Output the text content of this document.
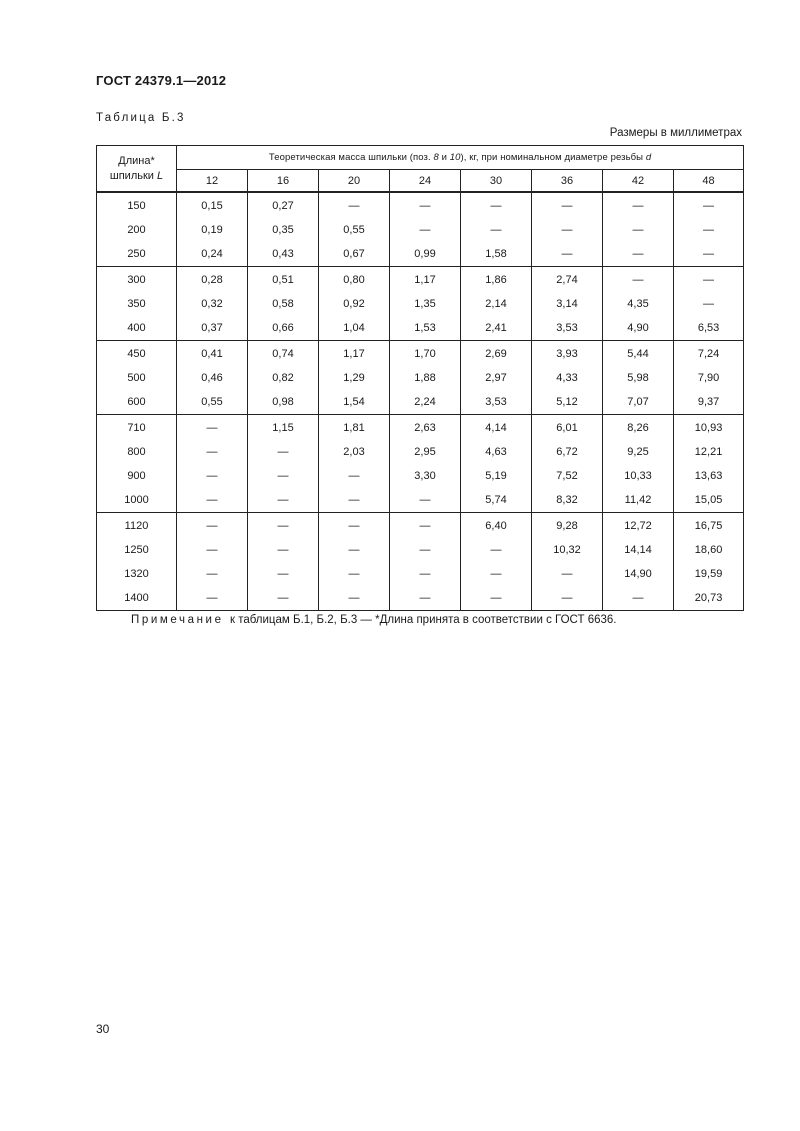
ГОСТ 24379.1—2012
Таблица Б.3
Размеры в миллиметрах
Длина*
шпильки L	Теоретическая масса шпильки (поз. 8 и 10), кг, при номинальном диаметре резьбы d							
	12	16	20	24	30	36	42	48
150	0,15	0,27	—	—	—	—	—	—
200	0,19	0,35	0,55	—	—	—	—	—
250	0,24	0,43	0,67	0,99	1,58	—	—	—
300	0,28	0,51	0,80	1,17	1,86	2,74	—	—
350	0,32	0,58	0,92	1,35	2,14	3,14	4,35	—
400	0,37	0,66	1,04	1,53	2,41	3,53	4,90	6,53
450	0,41	0,74	1,17	1,70	2,69	3,93	5,44	7,24
500	0,46	0,82	1,29	1,88	2,97	4,33	5,98	7,90
600	0,55	0,98	1,54	2,24	3,53	5,12	7,07	9,37
710	—	1,15	1,81	2,63	4,14	6,01	8,26	10,93
800	—	—	2,03	2,95	4,63	6,72	9,25	12,21
900	—	—	—	3,30	5,19	7,52	10,33	13,63
1000	—	—	—	—	5,74	8,32	11,42	15,05
1120	—	—	—	—	6,40	9,28	12,72	16,75
1250	—	—	—	—	—	10,32	14,14	18,60
1320	—	—	—	—	—	—	14,90	19,59
1400	—	—	—	—	—	—	—	20,73
Примечание к таблицам Б.1, Б.2, Б.3 — *Длина принята в соответствии с ГОСТ 6636.
30
